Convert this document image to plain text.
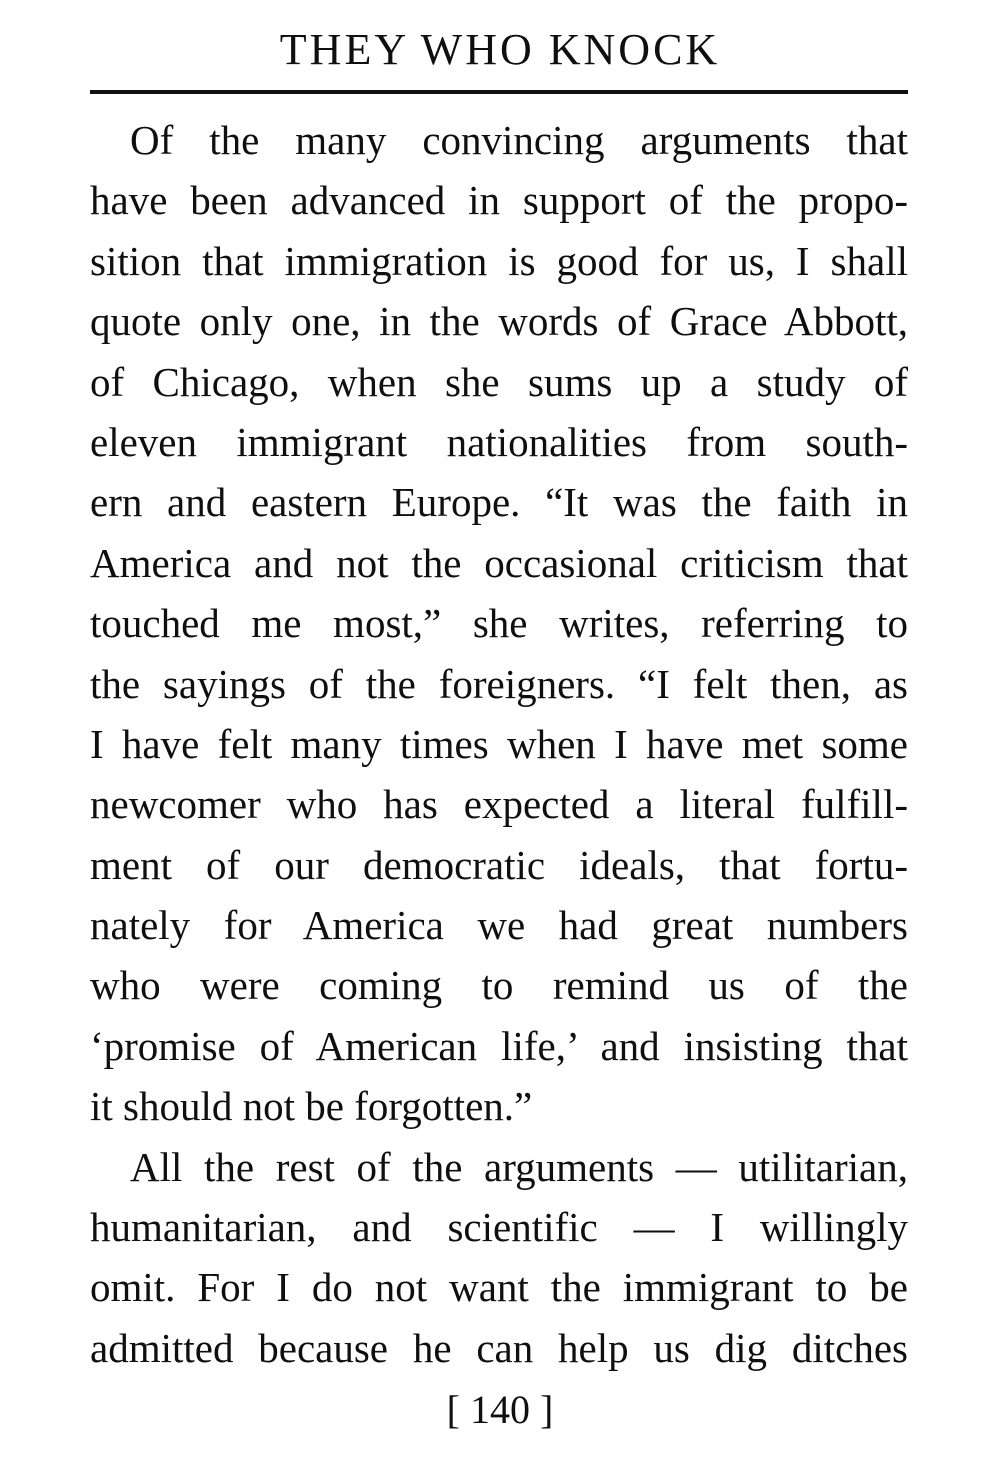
THEY WHO KNOCK
Of the many convincing arguments that
have been advanced in support of the propo-
sition that immigration is good for us, I shall
quote only one, in the words of Grace Abbott,
of Chicago, when she sums up a study of
eleven immigrant nationalities from south-
ern and eastern Europe. “It was the faith in
America and not the occasional criticism that
touched me most,” she writes, referring to
the sayings of the foreigners. “I felt then, as
I have felt many times when I have met some
newcomer who has expected a literal fulfill-
ment of our democratic ideals, that fortu-
nately for America we had great numbers
who were coming to remind us of the
‘promise of American life,’ and insisting that
it should not be forgotten.”
All the rest of the arguments — utilitarian,
humanitarian, and scientific — I willingly
omit. For I do not want the immigrant to be
admitted because he can help us dig ditches
[ 140 ]
